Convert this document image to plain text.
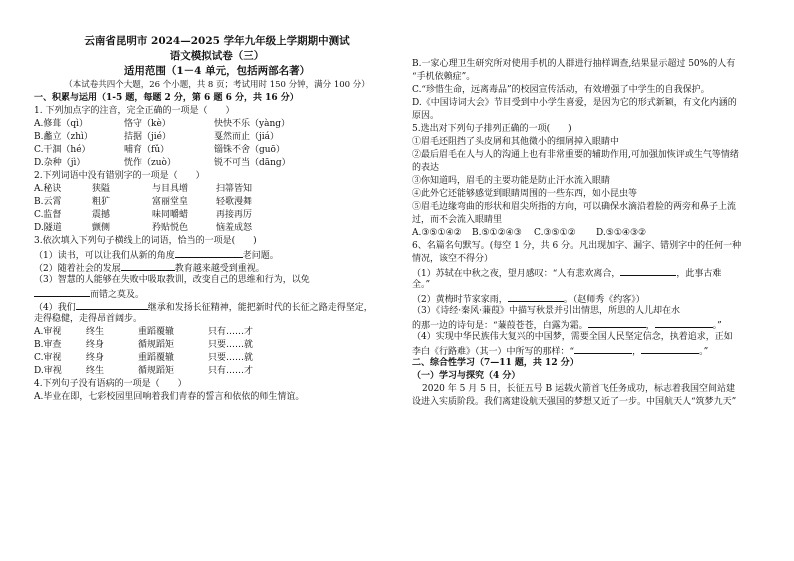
云南省昆明市 2024—2025 学年九年级上学期期中测试
语文模拟试卷（三）
适用范围（1－4 单元，包括两部名著）
（本试卷共四个大题，26 个小题，共 8 页；考试用时 150 分钟，满分 100 分）
一、积累与运用（1-5 题，每题 2 分，第 6 题 6 分，共 16 分）
1. 下列加点字的注音，完全正确的一项是（　　）
A.修葺（qì）	恪守（kè）	快快不乐（yàng）
B.蠡立（zhì）	拮据（jié）	戛然而止（jiá）
C.干涸（hé）	哺育（fǔ）	锱铢不舍（guō）
D.杂种（jì）	恍作（zuò）	锐不可当（dāng）
2.下列词语中没有错别字的一项是（　　）
A.秘诀	狭隘	与目具增	扫箒皆知
B.云霄	粗犷	富丽堂皇	轻歌漫舞
C.监督	震撼	味同嚼蜡	再接再厉
D.隧道	颤侧	矜贴悦色	恼羞成怒
3.依次填入下列句子横线上的词语，恰当的一项是(　　)
（1）读书，可以让我们从新的角度	老问题。
（2）随着社会的发展	教育越来越受到重视。
（3）智慧的人能够在失败中吸取教训，改变自己的思维和行为，以免
而错之莫及。
（4）我们	继承和发扬长征精神，能把新时代的长征之路走得坚定，
走得稳健，走得昂首阔步。
A.审视	终生	重蹈覆辙	只有……才
B.审查	终身	循规蹈矩	只要……就
C.审视	终身	重蹈覆辙	只要……就
D.审视	终生	循规蹈矩	只有……才
4.下列句子没有语病的一项是（　　）
A.毕业在即，七彩校园里回响着我们青春的誓言和依依的师生情谊。
B.一家心理卫生研究所对使用手机的人群进行抽样调查,结果显示超过 50%的人有
“手机依赖症”。
C.“珍惜生命，远离毒品”的校园宣传活动，有效增强了中学生的自我保护。
D.《中国诗词大会》节目受到中小学生喜爱，是因为它的形式新颖，有文化内涵的
原因。
5.选出对下列句子排列正确的一项(　　)
①眉毛还阻挡了头皮屑和其他微小的细屑掉入眼睛中
②最后眉毛在人与人的沟通上也有非常重要的辅助作用,可加强加恢评或生气等情绪
的表达
③你知道吗，眉毛的主要功能是防止汗水流入眼睛
④此外它还能够感觉到眼睛周围的一些东西，如小昆虫等
⑤眉毛边缘弯曲的形状和眉尖所指的方向，可以确保水滴沿着脸的两旁和鼻子上流
过，而不会流入眼睛里
A.③⑤①④②	B.⑤①②④③	C.③⑤①②	D.⑤①④③②
6、名篇名句默写。(每空 1 分，共 6 分。凡出现加字、漏字、错别字中的任何一种
情况，该空不得分）
（1）苏轼在中秋之夜，望月感叹：“人有悲欢离合，	，此事古难
全。”
（2）黄梅时节家家雨，	。（赵师秀《约客》）
（3）《诗经·秦风·蒹葭》中描写秋景并引出情思，所思的人儿却在水
的那一边的诗句是：“蒹葭苍苍，白露为霜。	，	。”
（4）实现中华民族伟大复兴的中国梦，需要全国人民坚定信念，执着追求，正如
李白《行路难》（其一）中所写的那样：“	，	。”
二、综合性学习（7—11 题，共 12 分）
（一）学习与探究（4 分）
2020 年 5 月 5 日，长征五号 B 运载火箭首飞任务成功，标志着我国空间站建
设进入实质阶段。我们离建设航天强国的梦想又近了一步。中国航天人“筑梦九天”
